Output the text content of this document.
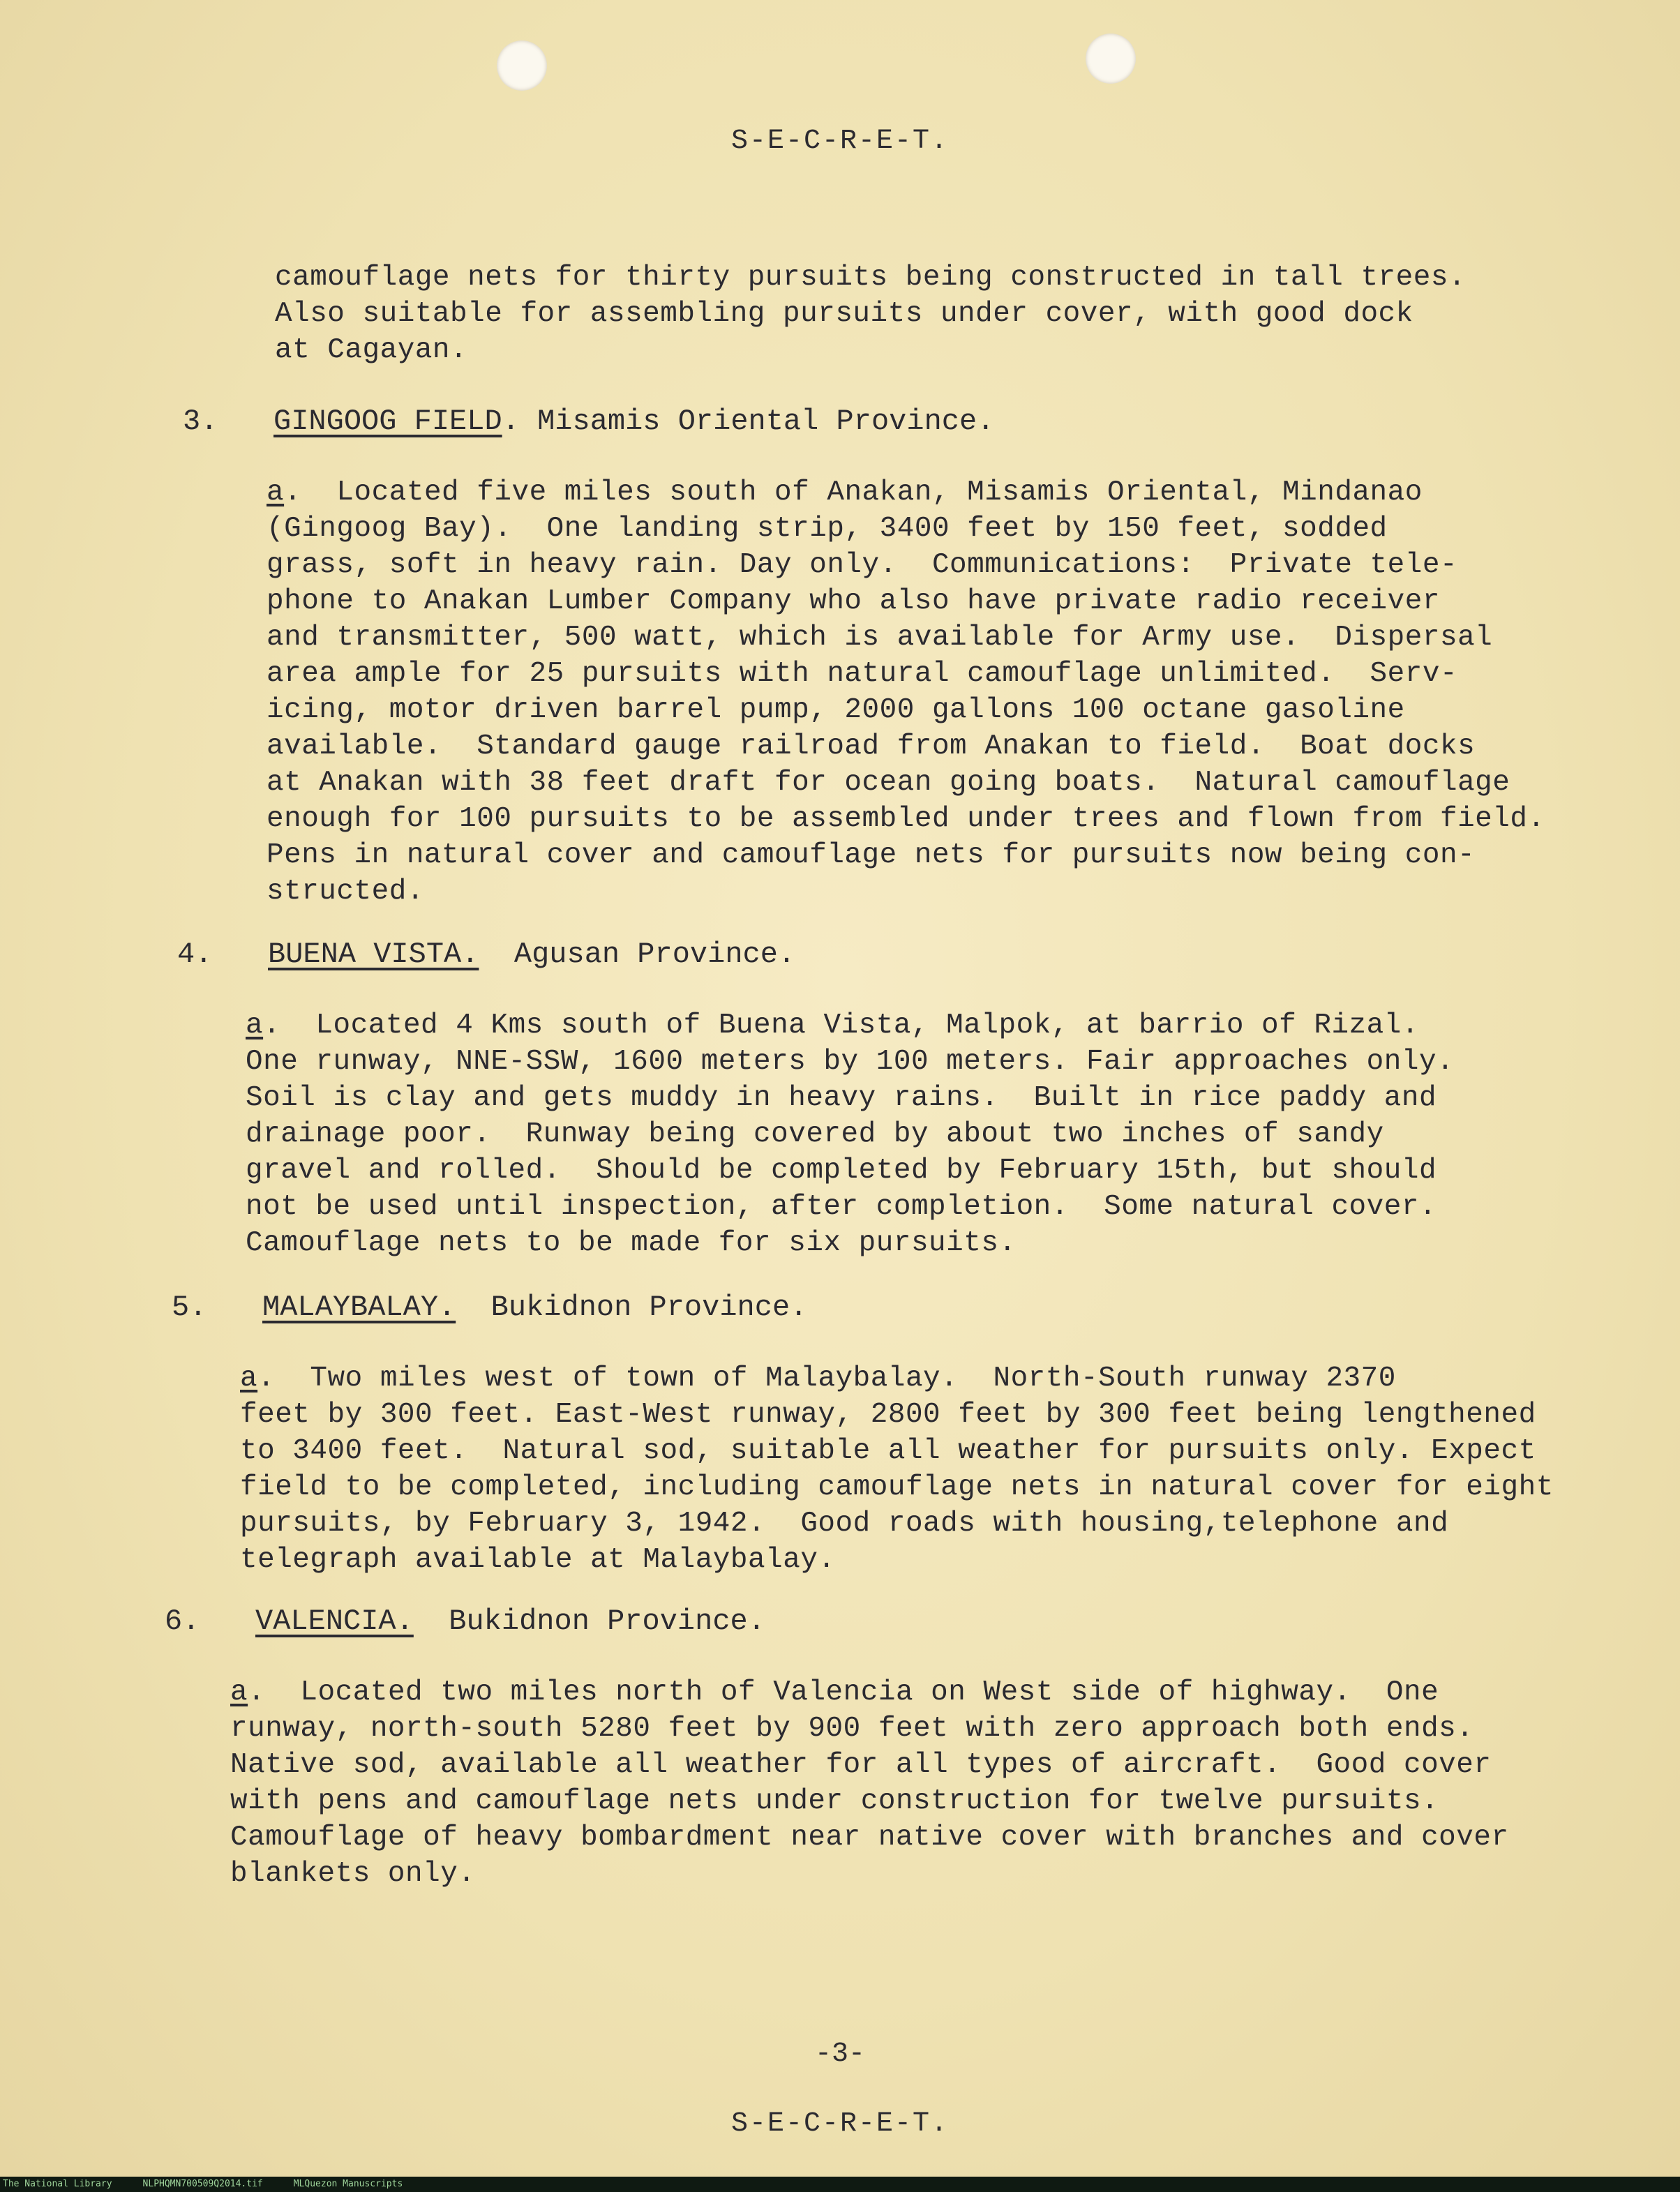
S-E-C-R-E-T.
camouflage nets for thirty pursuits being constructed in tall trees.
Also suitable for assembling pursuits under cover, with good dock
at Cagayan.
3. GINGOOG FIELD. Misamis Oriental Province.
a.  Located five miles south of Anakan, Misamis Oriental, Mindanao
(Gingoog Bay).  One landing strip, 3400 feet by 150 feet, sodded
grass, soft in heavy rain. Day only.  Communications:  Private tele-
phone to Anakan Lumber Company who also have private radio receiver
and transmitter, 500 watt, which is available for Army use.  Dispersal
area ample for 25 pursuits with natural camouflage unlimited.  Serv-
icing, motor driven barrel pump, 2000 gallons 100 octane gasoline
available.  Standard gauge railroad from Anakan to field.  Boat docks
at Anakan with 38 feet draft for ocean going boats.  Natural camouflage
enough for 100 pursuits to be assembled under trees and flown from field.
Pens in natural cover and camouflage nets for pursuits now being con-
structed.
4. BUENA VISTA. Agusan Province.
a.  Located 4 Kms south of Buena Vista, Malpok, at barrio of Rizal.
One runway, NNE-SSW, 1600 meters by 100 meters. Fair approaches only.
Soil is clay and gets muddy in heavy rains.  Built in rice paddy and
drainage poor.  Runway being covered by about two inches of sandy
gravel and rolled.  Should be completed by February 15th, but should
not be used until inspection, after completion.  Some natural cover.
Camouflage nets to be made for six pursuits.
5. MALAYBALAY. Bukidnon Province.
a.  Two miles west of town of Malaybalay.  North-South runway 2370
feet by 300 feet. East-West runway, 2800 feet by 300 feet being lengthened
to 3400 feet.  Natural sod, suitable all weather for pursuits only. Expect
field to be completed, including camouflage nets in natural cover for eight
pursuits, by February 3, 1942.  Good roads with housing,telephone and
telegraph available at Malaybalay.
6. VALENCIA. Bukidnon Province.
a.  Located two miles north of Valencia on West side of highway.  One
runway, north-south 5280 feet by 900 feet with zero approach both ends.
Native sod, available all weather for all types of aircraft.  Good cover
with pens and camouflage nets under construction for twelve pursuits.
Camouflage of heavy bombardment near native cover with branches and cover
blankets only.
-3-
S-E-C-R-E-T.
The National Library	NLPHQMN700509Q2014.tif	MLQuezon Manuscripts
